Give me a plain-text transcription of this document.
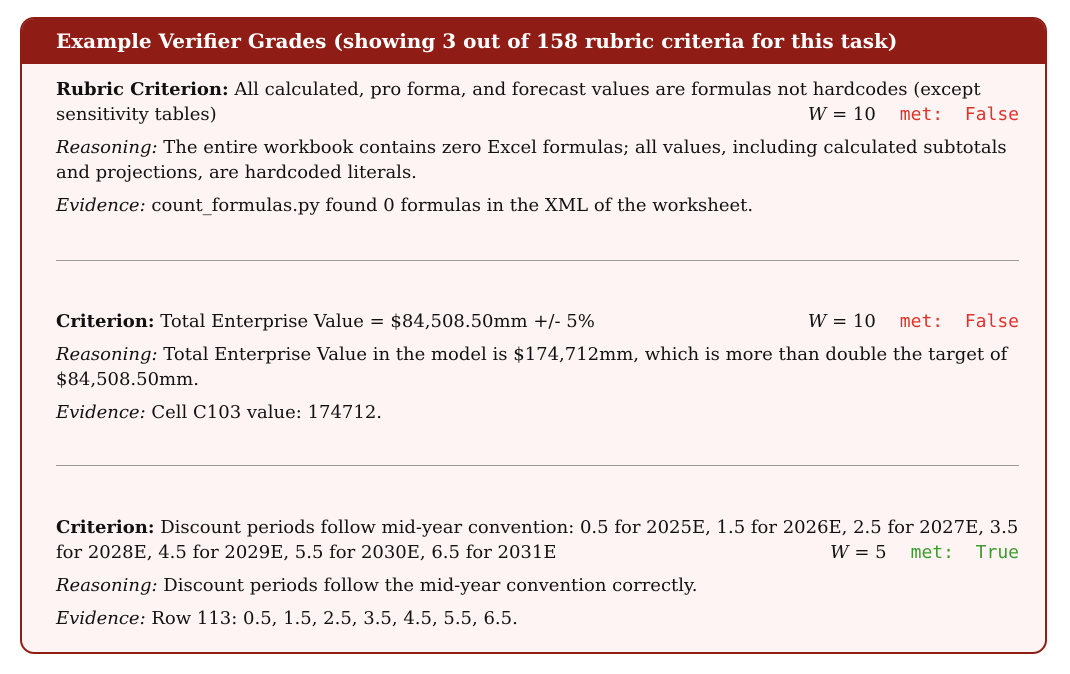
Example Verifier Grades (showing 3 out of 158 rubric criteria for this task)
Rubric Criterion: All calculated, pro forma, and forecast values are formulas not hardcodes (except sensitivity tables)	W = 10 met:  False
Reasoning: The entire workbook contains zero Excel formulas; all values, including calculated subtotals and projections, are hardcoded literals.
Evidence: count_formulas.py found 0 formulas in the XML of the worksheet.
Criterion: Total Enterprise Value = $84,508.50mm +/- 5%	W = 10 met:  False
Reasoning: Total Enterprise Value in the model is $174,712mm, which is more than double the target of $84,508.50mm.
Evidence: Cell C103 value: 174712.
Criterion: Discount periods follow mid-year convention: 0.5 for 2025E, 1.5 for 2026E, 2.5 for 2027E, 3.5 for 2028E, 4.5 for 2029E, 5.5 for 2030E, 6.5 for 2031E	W = 5 met:  True
Reasoning: Discount periods follow the mid-year convention correctly.
Evidence: Row 113: 0.5, 1.5, 2.5, 3.5, 4.5, 5.5, 6.5.
